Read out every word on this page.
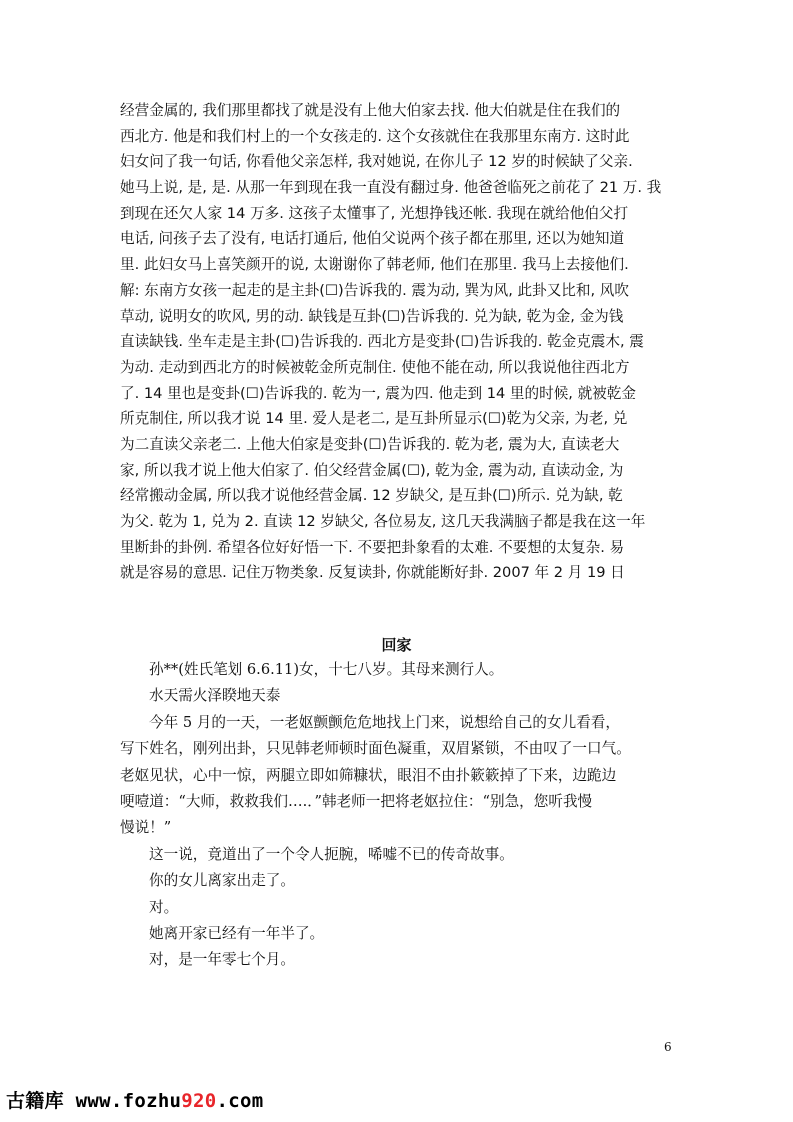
经营金属的, 我们那里都找了就是没有上他大伯家去找. 他大伯就是住在我们的
西北方. 他是和我们村上的一个女孩走的. 这个女孩就住在我那里东南方. 这时此
妇女问了我一句话, 你看他父亲怎样, 我对她说, 在你儿子 12 岁的时候缺了父亲.
她马上说, 是, 是. 从那一年到现在我一直没有翻过身. 他爸爸临死之前花了 21 万. 我
到现在还欠人家 14 万多. 这孩子太懂事了, 光想挣钱还帐. 我现在就给他伯父打
电话, 问孩子去了没有, 电话打通后, 他伯父说两个孩子都在那里, 还以为她知道
里. 此妇女马上喜笑颜开的说, 太谢谢你了韩老师, 他们在那里. 我马上去接他们.
解: 东南方女孩一起走的是主卦(☐)告诉我的. 震为动, 巽为风, 此卦又比和, 风吹
草动, 说明女的吹风, 男的动. 缺钱是互卦(☐)告诉我的. 兑为缺, 乾为金, 金为钱
直读缺钱. 坐车走是主卦(☐)告诉我的. 西北方是变卦(☐)告诉我的. 乾金克震木, 震
为动. 走动到西北方的时候被乾金所克制住. 使他不能在动, 所以我说他往西北方
了. 14 里也是变卦(☐)告诉我的. 乾为一, 震为四. 他走到 14 里的时候, 就被乾金
所克制住, 所以我才说 14 里. 爱人是老二, 是互卦所显示(☐)乾为父亲, 为老, 兑
为二直读父亲老二. 上他大伯家是变卦(☐)告诉我的. 乾为老, 震为大, 直读老大
家, 所以我才说上他大伯家了. 伯父经营金属(☐), 乾为金, 震为动, 直读动金, 为
经常搬动金属, 所以我才说他经营金属. 12 岁缺父, 是互卦(☐)所示. 兑为缺, 乾
为父. 乾为 1, 兑为 2. 直读 12 岁缺父, 各位易友, 这几天我满脑子都是我在这一年
里断卦的卦例. 希望各位好好悟一下. 不要把卦象看的太难. 不要想的太复杂. 易
就是容易的意思. 记住万物类象. 反复读卦, 你就能断好卦. 2007 年 2 月 19 日
回家
孙**(姓氏笔划 6.6.11)女，十七八岁。其母来测行人。
水天需火泽睽地天泰
今年 5 月的一天，一老妪颤颤危危地找上门来，说想给自己的女儿看看，
写下姓名，刚列出卦，只见韩老师顿时面色凝重，双眉紧锁，不由叹了一口气。
老妪见状，心中一惊，两腿立即如筛糠状，眼泪不由扑簌簌掉了下来，边跪边
哽噎道：“大师，救救我们….．”韩老师一把将老妪拉住：“别急，您听我慢
慢说！”
这一说，竟道出了一个令人扼腕，唏嘘不已的传奇故事。
你的女儿离家出走了。
对。
她离开家已经有一年半了。
对，是一年零七个月。
6
古籍库 www.fozhu920.com
